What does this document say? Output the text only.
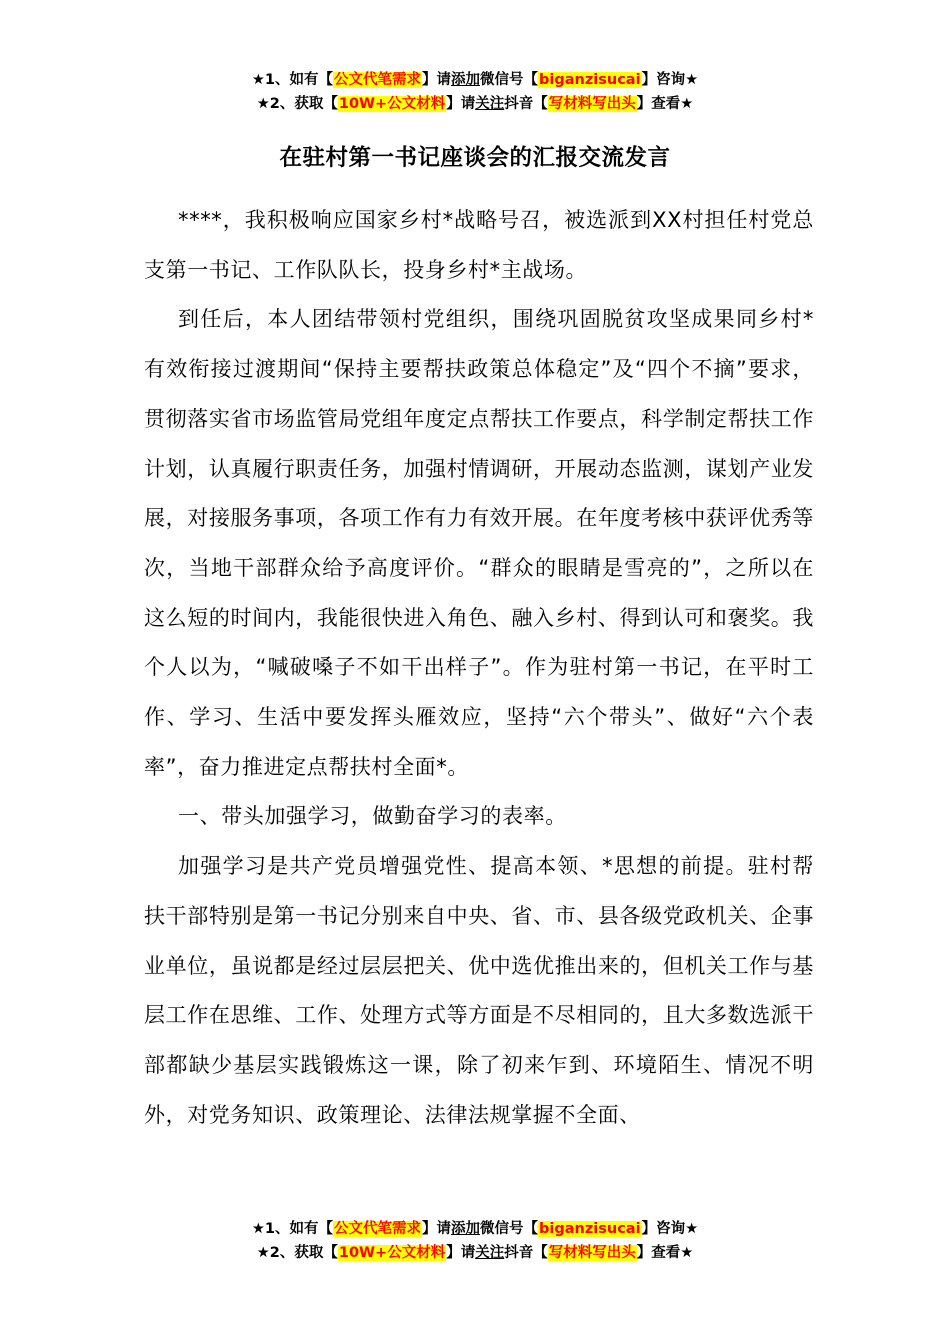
★1、如有【公文代笔需求】请添加微信号【biganzisucai】咨询★
★2、获取【10W+公文材料】请关注抖音【写材料写出头】查看★
在驻村第一书记座谈会的汇报交流发言

****，我积极响应国家乡村*战略号召，被选派到XX村担任村党总支第一书记、工作队队长，投身乡村*主战场。

到任后，本人团结带领村党组织，围绕巩固脱贫攻坚成果同乡村*有效衔接过渡期间“保持主要帮扶政策总体稳定”及“四个不摘”要求，贯彻落实省市场监管局党组年度定点帮扶工作要点，科学制定帮扶工作计划，认真履行职责任务，加强村情调研，开展动态监测，谋划产业发展，对接服务事项，各项工作有力有效开展。在年度考核中获评优秀等次，当地干部群众给予高度评价。“群众的眼睛是雪亮的”，之所以在这么短的时间内，我能很快进入角色、融入乡村、得到认可和褒奖。我个人以为，“喊破嗓子不如干出样子”。作为驻村第一书记，在平时工作、学习、生活中要发挥头雁效应，坚持“六个带头”、做好“六个表率”，奋力推进定点帮扶村全面*。

一、带头加强学习，做勤奋学习的表率。

加强学习是共产党员增强党性、提高本领、*思想的前提。驻村帮扶干部特别是第一书记分别来自中央、省、市、县各级党政机关、企事业单位，虽说都是经过层层把关、优中选优推出来的，但机关工作与基层工作在思维、工作、处理方式等方面是不尽相同的，且大多数选派干部都缺少基层实践锻炼这一课，除了初来乍到、环境陌生、情况不明外，对党务知识、政策理论、法律法规掌握不全面、

★1、如有【公文代笔需求】请添加微信号【biganzisucai】咨询★
★2、获取【10W+公文材料】请关注抖音【写材料写出头】查看★
